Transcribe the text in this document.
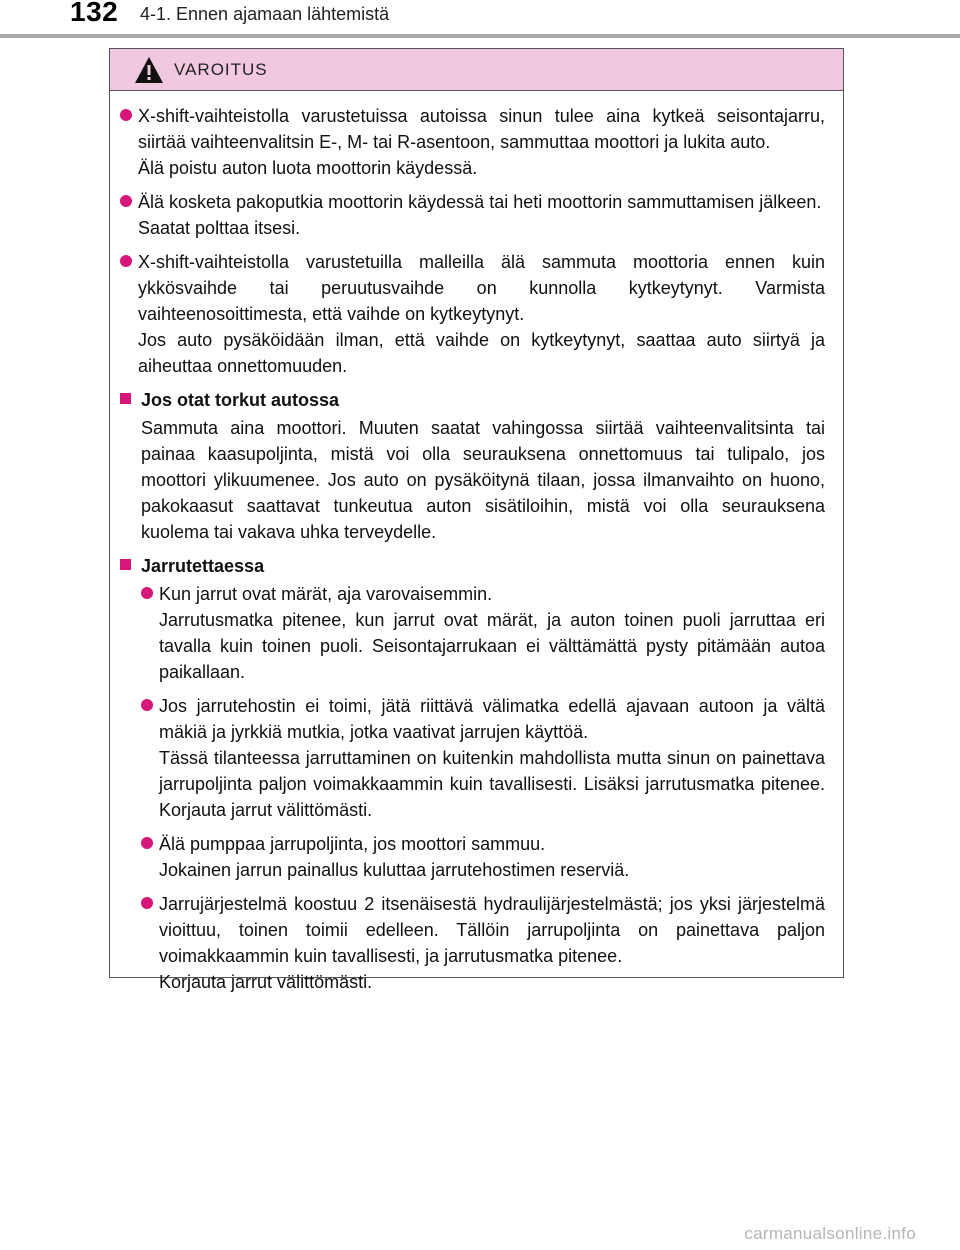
132 4-1. Ennen ajamaan lähtemistä
VAROITUS

X-shift-vaihteistolla varustetuissa autoissa sinun tulee aina kytkeä seisontajarru, siirtää vaihteenvalitsin E-, M- tai R-asentoon, sammuttaa moottori ja lukita auto.

Älä poistu auton luota moottorin käydessä.

Älä kosketa pakoputkia moottorin käydessä tai heti moottorin sammuttamisen jälkeen.

Saatat polttaa itsesi.

X-shift-vaihteistolla varustetuilla malleilla älä sammuta moottoria ennen kuin ykkösvaihde tai peruutusvaihde on kunnolla kytkeytynyt. Varmista vaihteenosoittimesta, että vaihde on kytkeytynyt.

Jos auto pysäköidään ilman, että vaihde on kytkeytynyt, saattaa auto siirtyä ja aiheuttaa onnettomuuden.

Jos otat torkut autossa
Sammuta aina moottori. Muuten saatat vahingossa siirtää vaihteenvalitsinta tai painaa kaasupoljinta, mistä voi olla seurauksena onnettomuus tai tulipalo, jos moottori ylikuumenee. Jos auto on pysäköitynä tilaan, jossa ilmanvaihto on huono, pakokaasut saattavat tunkeutua auton sisätiloihin, mistä voi olla seurauksena kuolema tai vakava uhka terveydelle.
Jarrutettaessa

Kun jarrut ovat märät, aja varovaisemmin.

Jarrutusmatka pitenee, kun jarrut ovat märät, ja auton toinen puoli jarruttaa eri tavalla kuin toinen puoli. Seisontajarrukaan ei välttämättä pysty pitämään autoa paikallaan.

Jos jarrutehostin ei toimi, jätä riittävä välimatka edellä ajavaan autoon ja vältä mäkiä ja jyrkkiä mutkia, jotka vaativat jarrujen käyttöä.

Tässä tilanteessa jarruttaminen on kuitenkin mahdollista mutta sinun on painettava jarrupoljinta paljon voimakkaammin kuin tavallisesti. Lisäksi jarrutusmatka pitenee. Korjauta jarrut välittömästi.

Älä pumppaa jarrupoljinta, jos moottori sammuu.

Jokainen jarrun painallus kuluttaa jarrutehostimen reserviä.

Jarrujärjestelmä koostuu 2 itsenäisestä hydraulijärjestelmästä; jos yksi järjestelmä vioittuu, toinen toimii edelleen. Tällöin jarrupoljinta on painettava paljon voimakkaammin kuin tavallisesti, ja jarrutusmatka pitenee.

Korjauta jarrut välittömästi.

carmanualsonline.info
